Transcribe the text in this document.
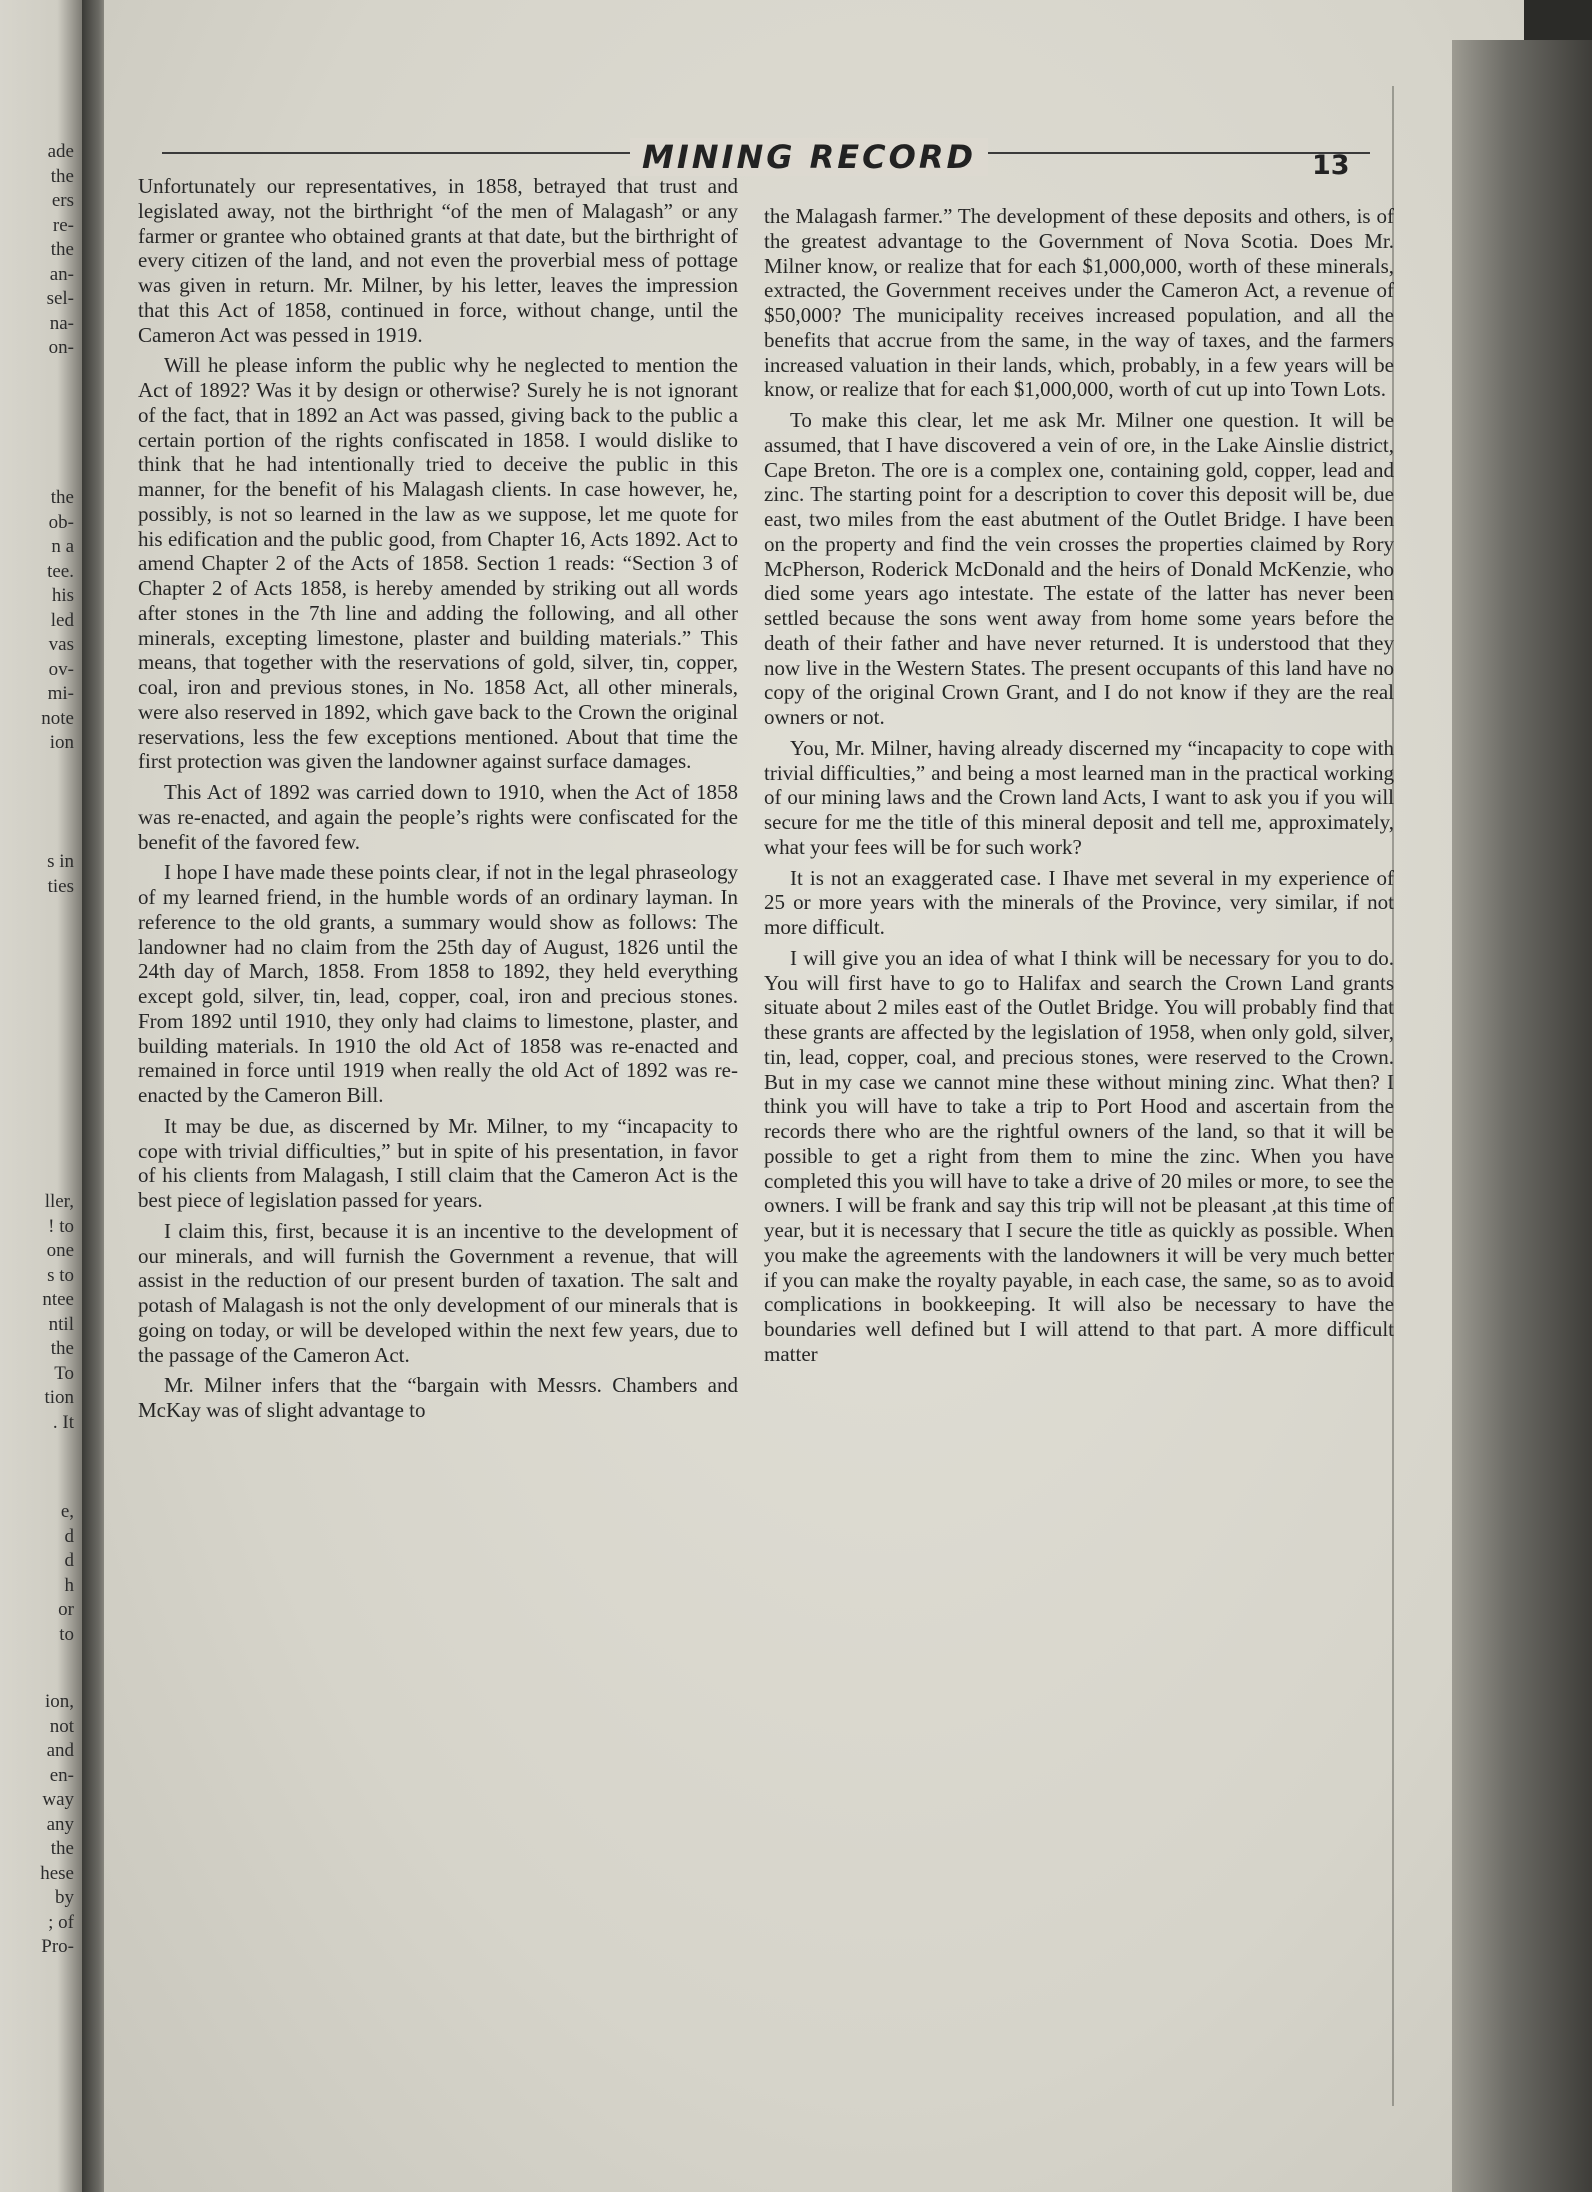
ade
the
ers
re-
the
an-
sel-
na-
on-
the
ob-
n a
tee.
his
led
vas
ov-
mi-
note
ion
s in
ties
ller,
! to
one
s to
ntee
ntil
the
To
tion
. It
e,
d
d
h
or
to
ion,
not
and
en-
way
any
the
hese
by
; of
Pro-
MINING RECORD	13

Unfortunately our representatives, in 1858, betrayed that trust and legislated away, not the birthright “of the men of Malagash” or any farmer or grantee who obtained grants at that date, but the birthright of every citizen of the land, and not even the proverbial mess of pottage was given in return. Mr. Milner, by his letter, leaves the impression that this Act of 1858, continued in force, without change, until the Cameron Act was pessed in 1919.

Will he please inform the public why he neglected to mention the Act of 1892? Was it by design or otherwise? Surely he is not ignorant of the fact, that in 1892 an Act was passed, giving back to the public a certain portion of the rights confiscated in 1858. I would dislike to think that he had intentionally tried to deceive the public in this manner, for the benefit of his Malagash clients. In case however, he, possibly, is not so learned in the law as we suppose, let me quote for his edification and the public good, from Chapter 16, Acts 1892. Act to amend Chapter 2 of the Acts of 1858. Section 1 reads: “Section 3 of Chapter 2 of Acts 1858, is hereby amended by striking out all words after stones in the 7th line and adding the following, and all other minerals, excepting limestone, plaster and building materials.” This means, that together with the reservations of gold, silver, tin, copper, coal, iron and previous stones, in No. 1858 Act, all other minerals, were also reserved in 1892, which gave back to the Crown the original reservations, less the few exceptions mentioned. About that time the first protection was given the landowner against surface damages.

This Act of 1892 was carried down to 1910, when the Act of 1858 was re-enacted, and again the people’s rights were confiscated for the benefit of the favored few.

I hope I have made these points clear, if not in the legal phraseology of my learned friend, in the humble words of an ordinary layman. In reference to the old grants, a summary would show as follows: The landowner had no claim from the 25th day of August, 1826 until the 24th day of March, 1858. From 1858 to 1892, they held everything except gold, silver, tin, lead, copper, coal, iron and precious stones. From 1892 until 1910, they only had claims to limestone, plaster, and building materials. In 1910 the old Act of 1858 was re-enacted and remained in force until 1919 when really the old Act of 1892 was re-enacted by the Cameron Bill.

It may be due, as discerned by Mr. Milner, to my “incapacity to cope with trivial difficulties,” but in spite of his presentation, in favor of his clients from Malagash, I still claim that the Cameron Act is the best piece of legislation passed for years.

I claim this, first, because it is an incentive to the development of our minerals, and will furnish the Government a revenue, that will assist in the reduction of our present burden of taxation. The salt and potash of Malagash is not the only development of our minerals that is going on today, or will be developed within the next few years, due to the passage of the Cameron Act.

Mr. Milner infers that the “bargain with Messrs. Chambers and McKay was of slight advantage to

the Malagash farmer.” The development of these deposits and others, is of the greatest advantage to the Government of Nova Scotia. Does Mr. Milner know, or realize that for each $1,000,000, worth of these minerals, extracted, the Government receives under the Cameron Act, a revenue of $50,000? The municipality receives increased population, and all the benefits that accrue from the same, in the way of taxes, and the farmers increased valuation in their lands, which, probably, in a few years will be know, or realize that for each $1,000,000, worth of cut up into Town Lots.

To make this clear, let me ask Mr. Milner one question. It will be assumed, that I have discovered a vein of ore, in the Lake Ainslie district, Cape Breton. The ore is a complex one, containing gold, copper, lead and zinc. The starting point for a description to cover this deposit will be, due east, two miles from the east abutment of the Outlet Bridge. I have been on the property and find the vein crosses the properties claimed by Rory McPherson, Roderick McDonald and the heirs of Donald McKenzie, who died some years ago intestate. The estate of the latter has never been settled because the sons went away from home some years before the death of their father and have never returned. It is understood that they now live in the Western States. The present occupants of this land have no copy of the original Crown Grant, and I do not know if they are the real owners or not.

You, Mr. Milner, having already discerned my “incapacity to cope with trivial difficulties,” and being a most learned man in the practical working of our mining laws and the Crown land Acts, I want to ask you if you will secure for me the title of this mineral deposit and tell me, approximately, what your fees will be for such work?

It is not an exaggerated case. I Ihave met several in my experience of 25 or more years with the minerals of the Province, very similar, if not more difficult.

I will give you an idea of what I think will be necessary for you to do. You will first have to go to Halifax and search the Crown Land grants situate about 2 miles east of the Outlet Bridge. You will probably find that these grants are affected by the legislation of 1958, when only gold, silver, tin, lead, copper, coal, and precious stones, were reserved to the Crown. But in my case we cannot mine these without mining zinc. What then? I think you will have to take a trip to Port Hood and ascertain from the records there who are the rightful owners of the land, so that it will be possible to get a right from them to mine the zinc. When you have completed this you will have to take a drive of 20 miles or more, to see the owners. I will be frank and say this trip will not be pleasant ,at this time of year, but it is necessary that I secure the title as quickly as possible. When you make the agreements with the landowners it will be very much better if you can make the royalty payable, in each case, the same, so as to avoid complications in bookkeeping. It will also be necessary to have the boundaries well defined but I will attend to that part. A more difficult matter
